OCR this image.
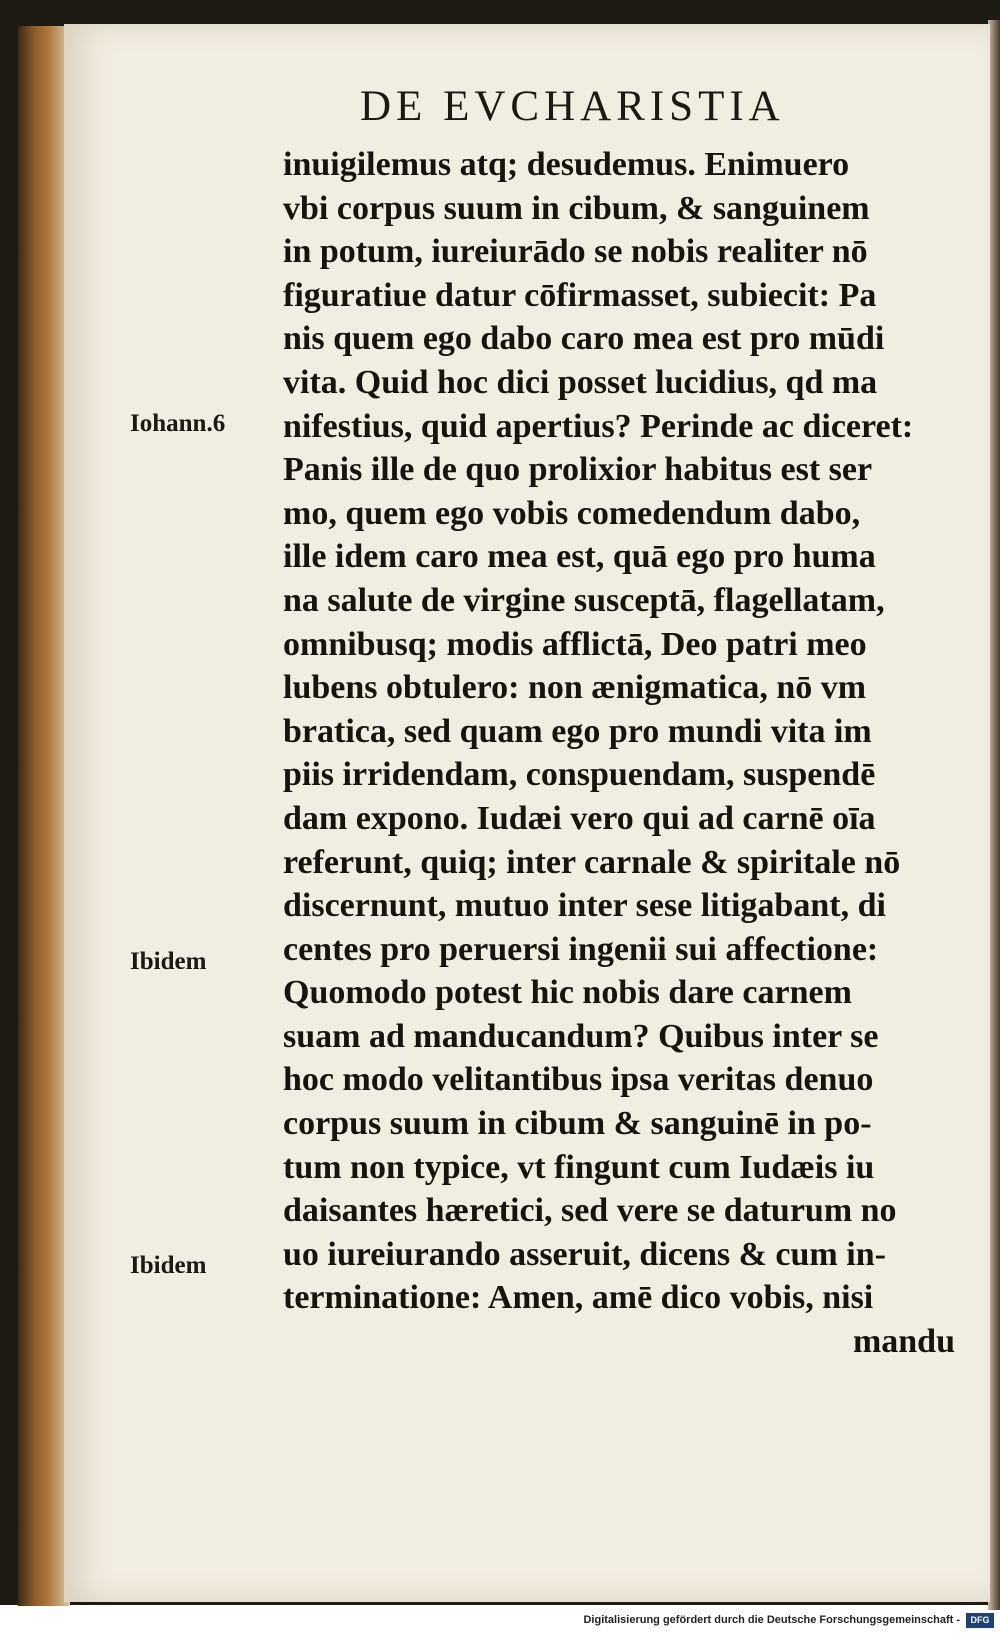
DE EVCHARISTIA
Iohann.6
Ibidem
Ibidem
inuigilemus atq; desudemus. Enimuero
vbi corpus suum in cibum, & sanguinem
in potum, iureiurādo se nobis realiter nō
figuratiue datur cōfirmasset, subiecit: Pa
nis quem ego dabo caro mea est pro mūdi
vita. Quid hoc dici posset lucidius, qd ma
nifestius, quid apertius? Perinde ac diceret:
Panis ille de quo prolixior habitus est ser
mo, quem ego vobis comedendum dabo,
ille idem caro mea est, quā ego pro huma
na salute de virgine susceptā, flagellatam,
omnibusq; modis afflictā, Deo patri meo
lubens obtulero: non ænigmatica, nō vm
bratica, sed quam ego pro mundi vita im
piis irridendam, conspuendam, suspendē
dam expono. Iudæi vero qui ad carnē oīa
referunt, quiq; inter carnale & spiritale nō
discernunt, mutuo inter sese litigabant, di
centes pro peruersi ingenii sui affectione:
Quomodo potest hic nobis dare carnem
suam ad manducandum? Quibus inter se
hoc modo velitantibus ipsa veritas denuo
corpus suum in cibum & sanguinē in po-
tum non typice, vt fingunt cum Iudæis iu
daisantes hæretici, sed vere se daturum no
uo iureiurando asseruit, dicens & cum in-
terminatione: Amen, amē dico vobis, nisi
mandu
Digitalisierung gefördert durch die Deutsche Forschungsgemeinschaft -	DFG
